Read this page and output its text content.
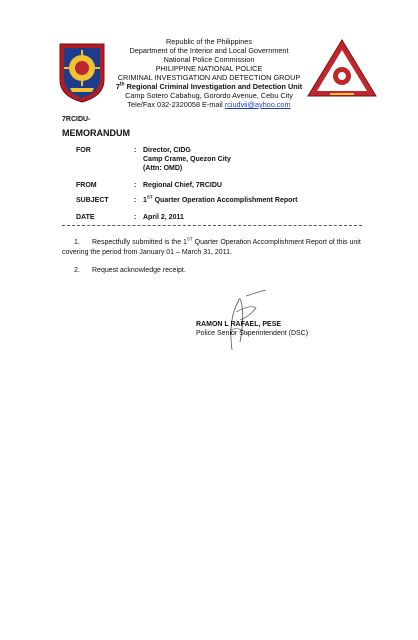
Republic of the Philippines
Department of the Interior and Local Government
National Police Commission
PHILIPPINE NATIONAL POLICE
CRIMINAL INVESTIGATION AND DETECTION GROUP
7th Regional Criminal Investigation and Detection Unit
Camp Sotero Cabahug, Gorordo Avenue, Cebu City
Tele/Fax 032-2320058 E-mail rciudvii@ayhoo.com
7RCIDU-
MEMORANDUM
FOR	: Director, CIDG
Camp Crame, Quezon City
(Attn: OMD)
FROM	: Regional Chief, 7RCIDU
SUBJECT	: 1ST Quarter Operation Accomplishment Report
DATE	: April 2, 2011
1. Respectfully submitted is the 1ST Quarter Operation Accomplishment Report of this unit covering the period from January 01 – March 31, 2011.
2. Request acknowledge receipt.
RAMON L RAFAEL, PESE
Police Senior Superintendent (DSC)
